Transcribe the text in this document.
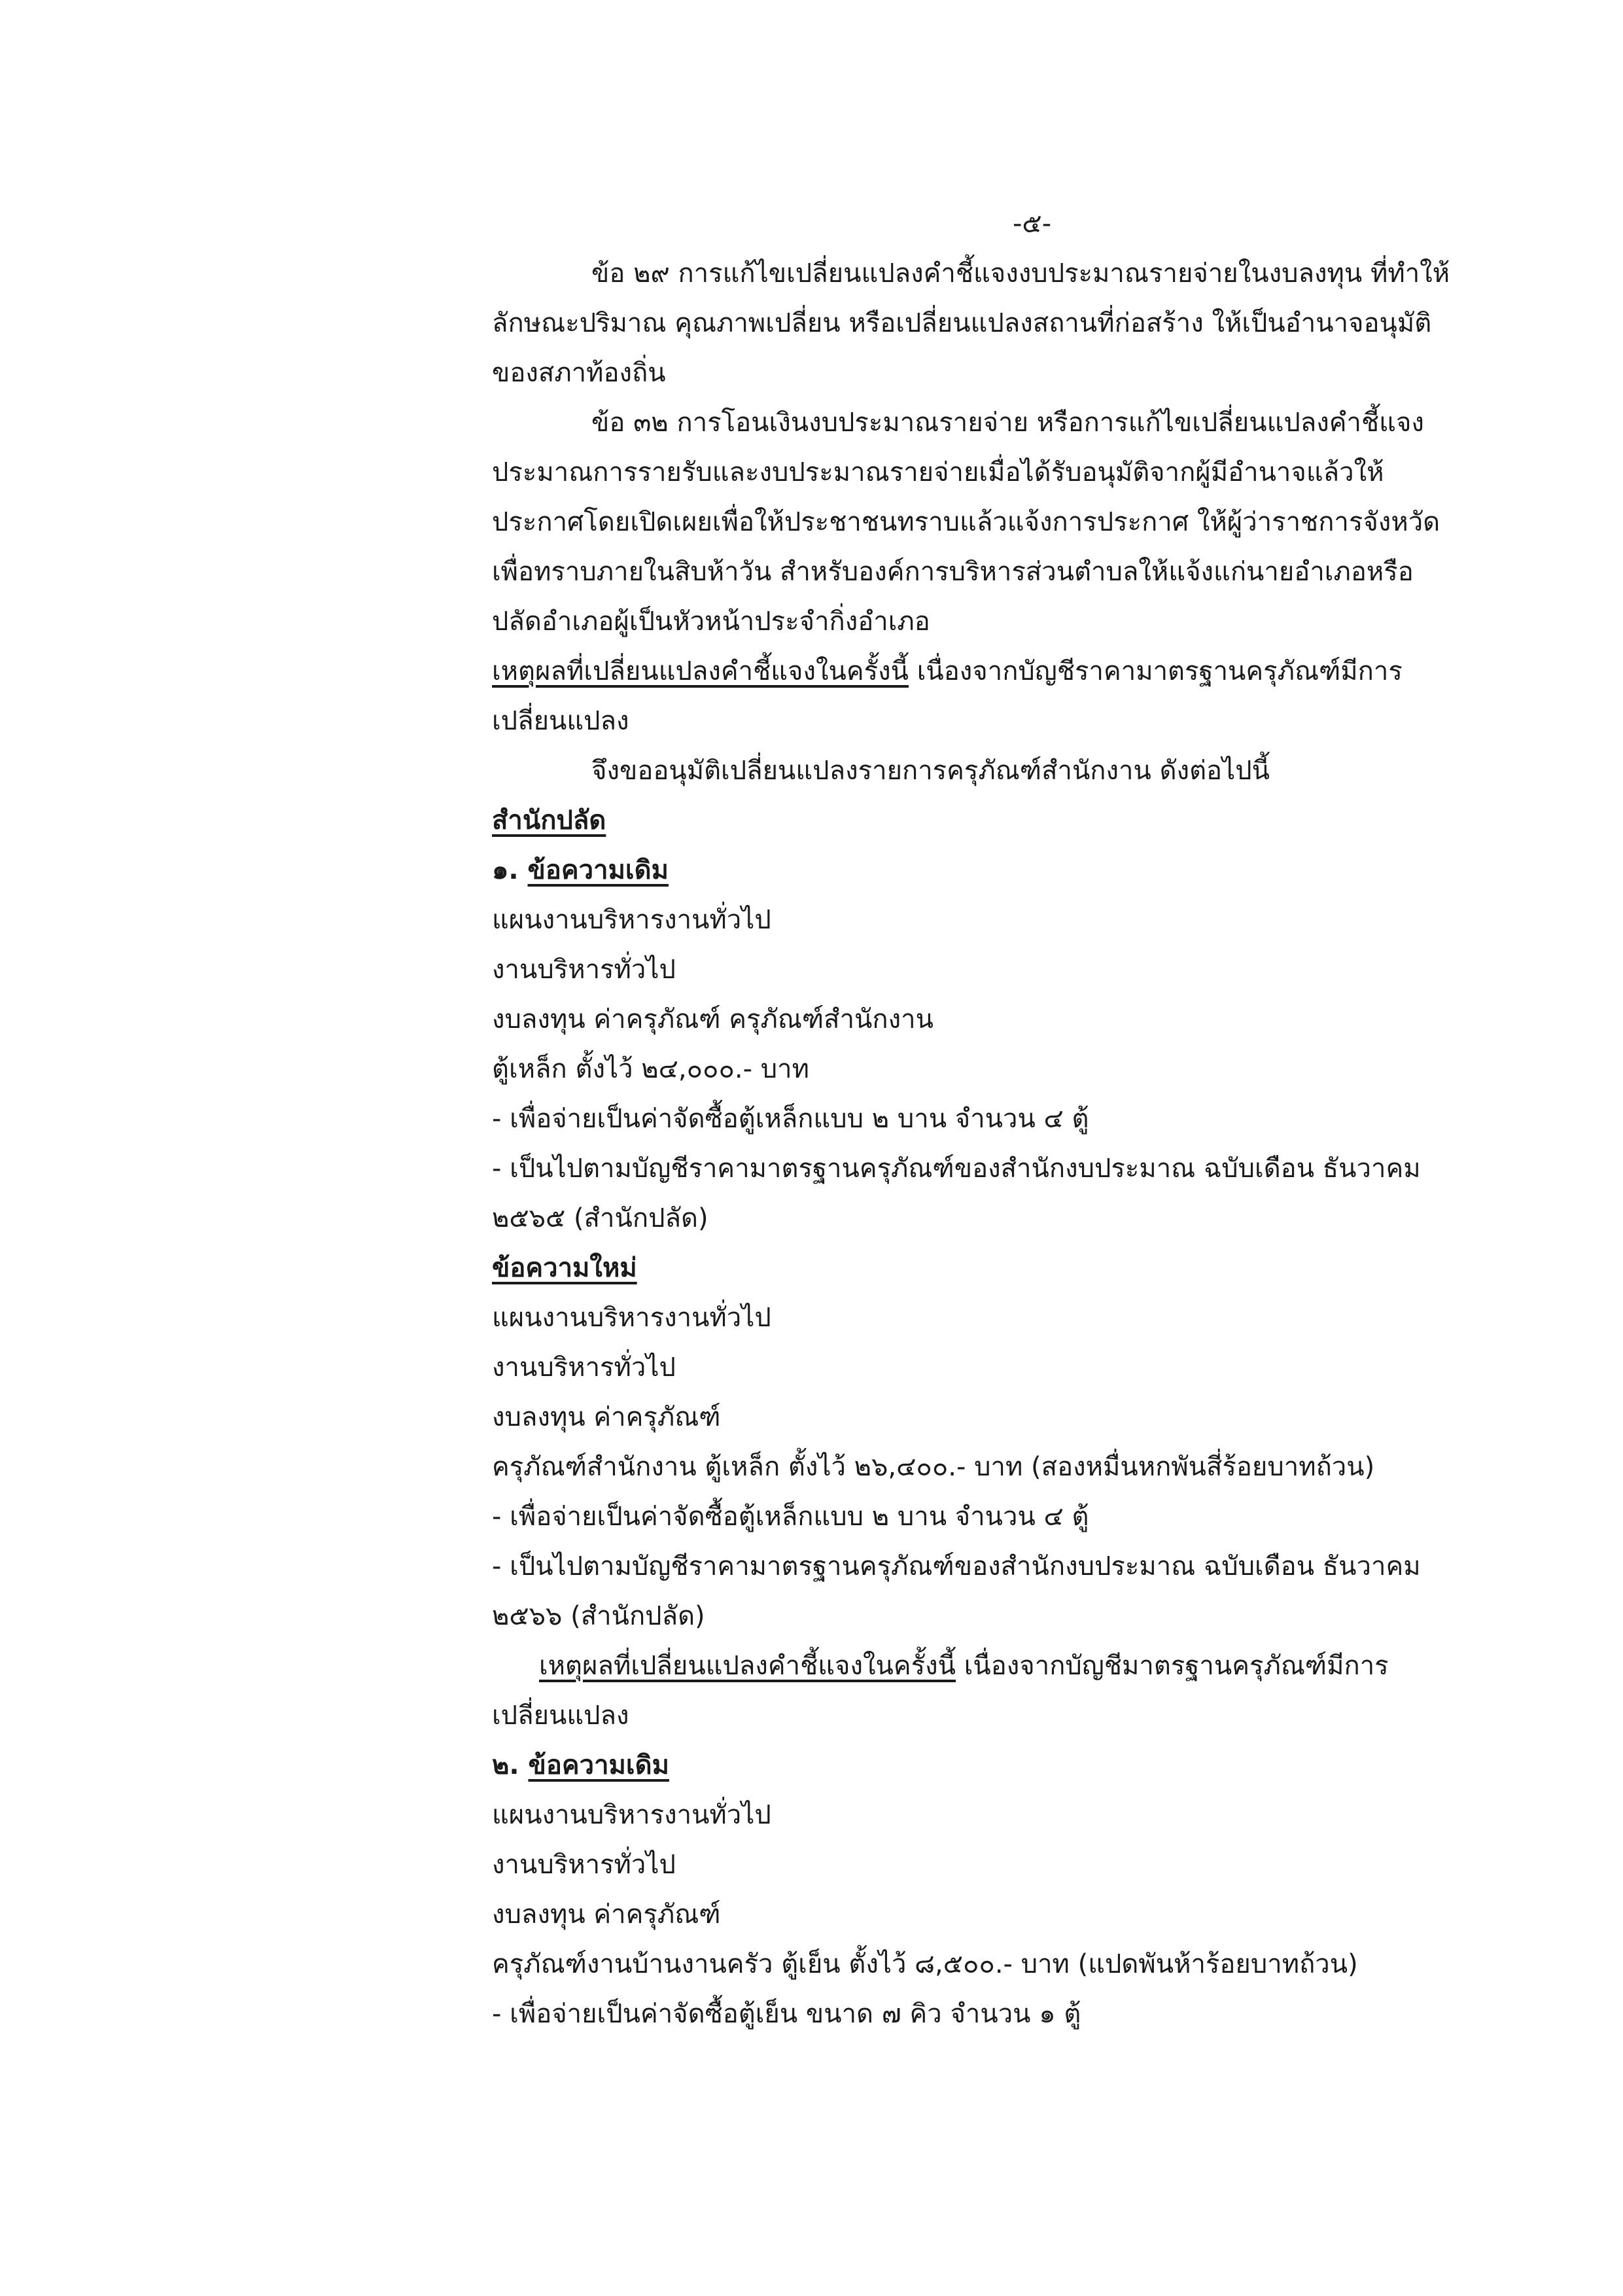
-๕-

ข้อ ๒๙ การแก้ไขเปลี่ยนแปลงคำชี้แจงงบประมาณรายจ่ายในงบลงทุน ที่ทำให้

ลักษณะปริมาณ คุณภาพเปลี่ยน หรือเปลี่ยนแปลงสถานที่ก่อสร้าง ให้เป็นอำนาจอนุมัติ

ของสภาท้องถิ่น

ข้อ ๓๒ การโอนเงินงบประมาณรายจ่าย หรือการแก้ไขเปลี่ยนแปลงคำชี้แจง

ประมาณการรายรับและงบประมาณรายจ่ายเมื่อได้รับอนุมัติจากผู้มีอำนาจแล้วให้

ประกาศโดยเปิดเผยเพื่อให้ประชาชนทราบแล้วแจ้งการประกาศ ให้ผู้ว่าราชการจังหวัด

เพื่อทราบภายในสิบห้าวัน สำหรับองค์การบริหารส่วนตำบลให้แจ้งแก่นายอำเภอหรือ

ปลัดอำเภอผู้เป็นหัวหน้าประจำกิ่งอำเภอ

เหตุผลที่เปลี่ยนแปลงคำชี้แจงในครั้งนี้ เนื่องจากบัญชีราคามาตรฐานครุภัณฑ์มีการ

เปลี่ยนแปลง

จึงขออนุมัติเปลี่ยนแปลงรายการครุภัณฑ์สำนักงาน ดังต่อไปนี้

สำนักปลัด

๑. ข้อความเดิม

แผนงานบริหารงานทั่วไป

งานบริหารทั่วไป

งบลงทุน ค่าครุภัณฑ์ ครุภัณฑ์สำนักงาน

ตู้เหล็ก ตั้งไว้ ๒๔,๐๐๐.- บาท

- เพื่อจ่ายเป็นค่าจัดซื้อตู้เหล็กแบบ ๒ บาน จำนวน ๔ ตู้

- เป็นไปตามบัญชีราคามาตรฐานครุภัณฑ์ของสำนักงบประมาณ ฉบับเดือน ธันวาคม

๒๕๖๕ (สำนักปลัด)

ข้อความใหม่

แผนงานบริหารงานทั่วไป

งานบริหารทั่วไป

งบลงทุน ค่าครุภัณฑ์

ครุภัณฑ์สำนักงาน ตู้เหล็ก ตั้งไว้ ๒๖,๔๐๐.- บาท (สองหมื่นหกพันสี่ร้อยบาทถ้วน)

- เพื่อจ่ายเป็นค่าจัดซื้อตู้เหล็กแบบ ๒ บาน จำนวน ๔ ตู้

- เป็นไปตามบัญชีราคามาตรฐานครุภัณฑ์ของสำนักงบประมาณ ฉบับเดือน ธันวาคม

๒๕๖๖ (สำนักปลัด)

เหตุผลที่เปลี่ยนแปลงคำชี้แจงในครั้งนี้ เนื่องจากบัญชีมาตรฐานครุภัณฑ์มีการ

เปลี่ยนแปลง

๒. ข้อความเดิม

แผนงานบริหารงานทั่วไป

งานบริหารทั่วไป

งบลงทุน ค่าครุภัณฑ์

ครุภัณฑ์งานบ้านงานครัว ตู้เย็น ตั้งไว้ ๘,๕๐๐.- บาท (แปดพันห้าร้อยบาทถ้วน)

- เพื่อจ่ายเป็นค่าจัดซื้อตู้เย็น ขนาด ๗ คิว จำนวน ๑ ตู้
